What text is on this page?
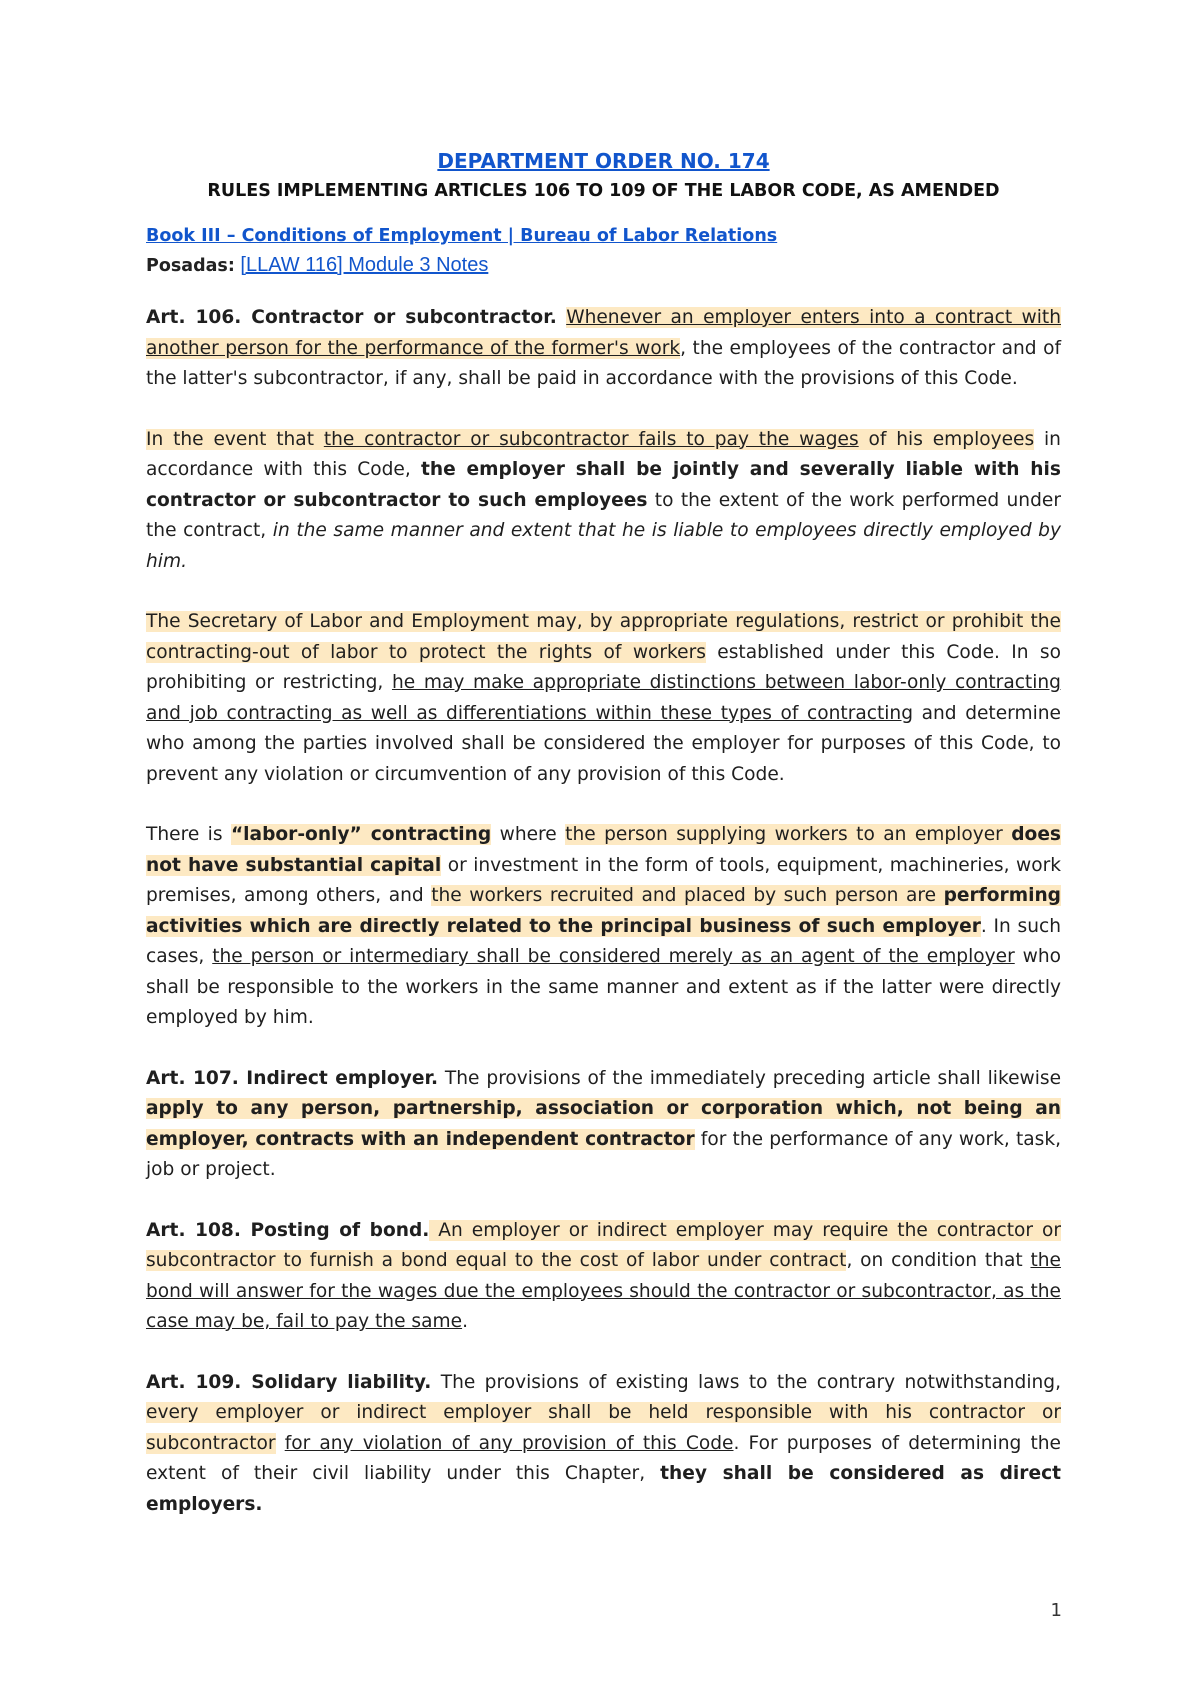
DEPARTMENT ORDER NO. 174
RULES IMPLEMENTING ARTICLES 106 TO 109 OF THE LABOR CODE, AS AMENDED
Book III – Conditions of Employment | Bureau of Labor Relations
Posadas: [LLAW 116] Module 3 Notes

Art. 106. Contractor or subcontractor. Whenever an employer enters into a contract with another person for the performance of the former's work, the employees of the contractor and of the latter's subcontractor, if any, shall be paid in accordance with the provisions of this Code.

In the event that the contractor or subcontractor fails to pay the wages of his employees in accordance with this Code, the employer shall be jointly and severally liable with his contractor or subcontractor to such employees to the extent of the work performed under the contract, in the same manner and extent that he is liable to employees directly employed by him.

The Secretary of Labor and Employment may, by appropriate regulations, restrict or prohibit the contracting-out of labor to protect the rights of workers established under this Code. In so prohibiting or restricting, he may make appropriate distinctions between labor-only contracting and job contracting as well as differentiations within these types of contracting and determine who among the parties involved shall be considered the employer for purposes of this Code, to prevent any violation or circumvention of any provision of this Code.

There is “labor-only” contracting where the person supplying workers to an employer does not have substantial capital or investment in the form of tools, equipment, machineries, work premises, among others, and the workers recruited and placed by such person are performing activities which are directly related to the principal business of such employer. In such cases, the person or intermediary shall be considered merely as an agent of the employer who shall be responsible to the workers in the same manner and extent as if the latter were directly employed by him.

Art. 107. Indirect employer. The provisions of the immediately preceding article shall likewise apply to any person, partnership, association or corporation which, not being an employer, contracts with an independent contractor for the performance of any work, task, job or project.

Art. 108. Posting of bond. An employer or indirect employer may require the contractor or subcontractor to furnish a bond equal to the cost of labor under contract, on condition that the bond will answer for the wages due the employees should the contractor or subcontractor, as the case may be, fail to pay the same.

Art. 109. Solidary liability. The provisions of existing laws to the contrary notwithstanding, every employer or indirect employer shall be held responsible with his contractor or subcontractor for any violation of any provision of this Code. For purposes of determining the extent of their civil liability under this Chapter, they shall be considered as direct employers.

1
